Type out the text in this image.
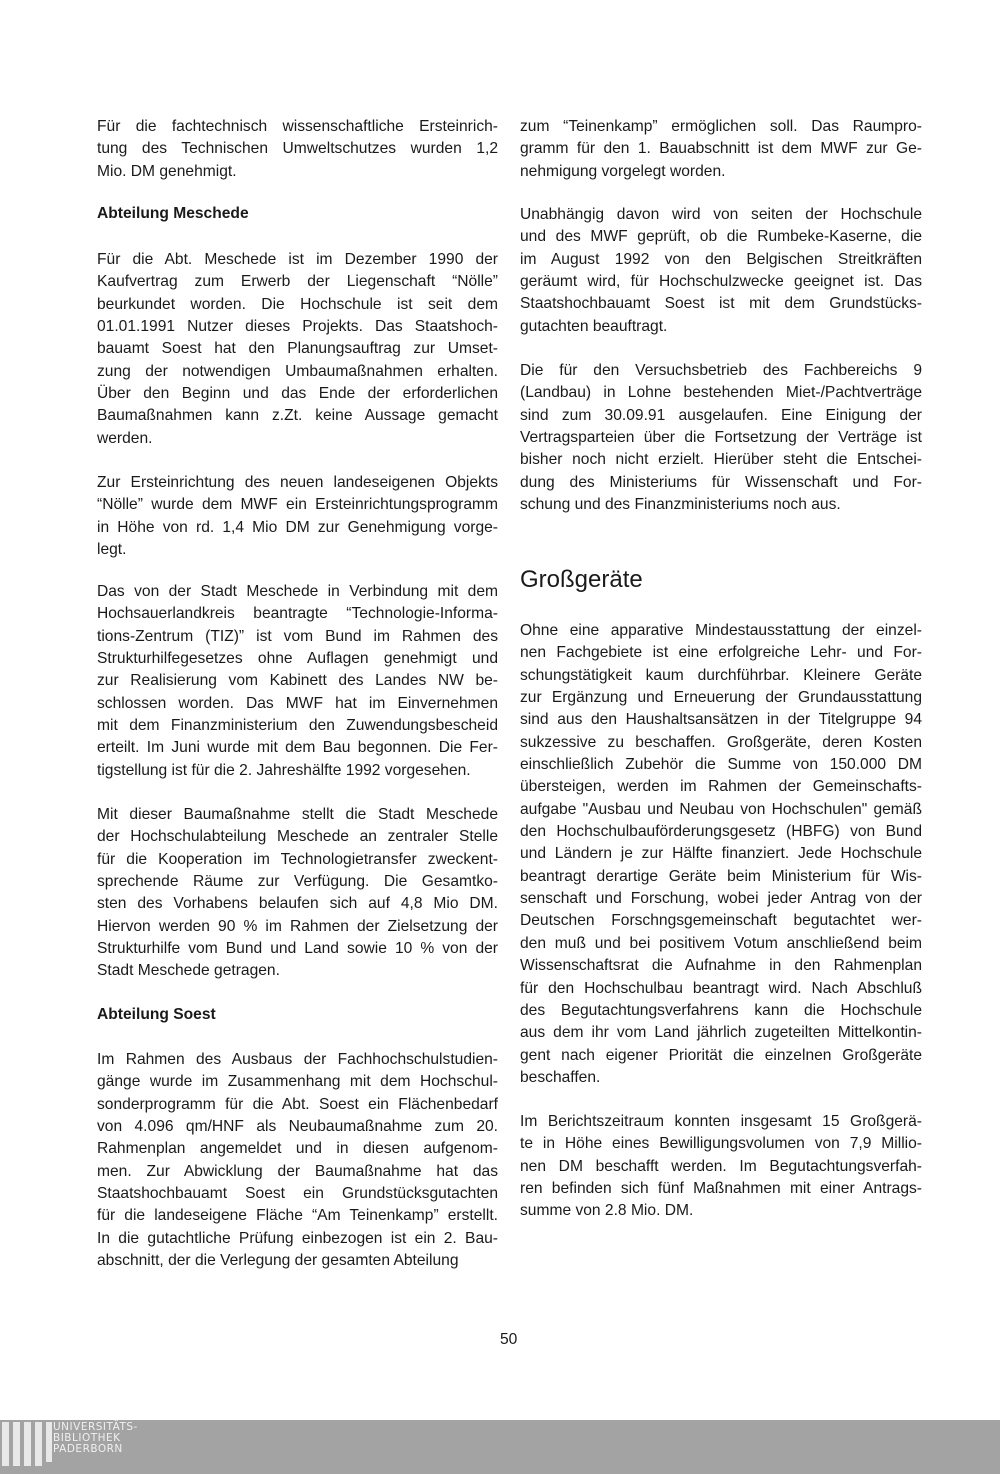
Für die fachtechnisch wissenschaftliche Ersteinrich-
tung des Technischen Umweltschutzes wurden 1,2
Mio. DM genehmigt.
Abteilung Meschede
Für die Abt. Meschede ist im Dezember 1990 der
Kaufvertrag zum Erwerb der Liegenschaft “Nölle”
beurkundet worden. Die Hochschule ist seit dem
01.01.1991 Nutzer dieses Projekts. Das Staatshoch-
bauamt Soest hat den Planungsauftrag zur Umset-
zung der notwendigen Umbaumaßnahmen erhalten.
Über den Beginn und das Ende der erforderlichen
Baumaßnahmen kann z.Zt. keine Aussage gemacht
werden.
Zur Ersteinrichtung des neuen landeseigenen Objekts
“Nölle” wurde dem MWF ein Ersteinrichtungsprogramm
in Höhe von rd. 1,4 Mio DM zur Genehmigung vorge-
legt.
Das von der Stadt Meschede in Verbindung mit dem
Hochsauerlandkreis beantragte “Technologie-Informa-
tions-Zentrum (TIZ)” ist vom Bund im Rahmen des
Strukturhilfegesetzes ohne Auflagen genehmigt und
zur Realisierung vom Kabinett des Landes NW be-
schlossen worden. Das MWF hat im Einvernehmen
mit dem Finanzministerium den Zuwendungsbescheid
erteilt. Im Juni wurde mit dem Bau begonnen. Die Fer-
tigstellung ist für die 2. Jahreshälfte 1992 vorgesehen.
Mit dieser Baumaßnahme stellt die Stadt Meschede
der Hochschulabteilung Meschede an zentraler Stelle
für die Kooperation im Technologietransfer zweckent-
sprechende Räume zur Verfügung. Die Gesamtko-
sten des Vorhabens belaufen sich auf 4,8 Mio DM.
Hiervon werden 90 % im Rahmen der Zielsetzung der
Strukturhilfe vom Bund und Land sowie 10 % von der
Stadt Meschede getragen.
Abteilung Soest
Im Rahmen des Ausbaus der Fachhochschulstudien-
gänge wurde im Zusammenhang mit dem Hochschul-
sonderprogramm für die Abt. Soest ein Flächenbedarf
von 4.096 qm/HNF als Neubaumaßnahme zum 20.
Rahmenplan angemeldet und in diesen aufgenom-
men. Zur Abwicklung der Baumaßnahme hat das
Staatshochbauamt Soest ein Grundstücksgutachten
für die landeseigene Fläche “Am Teinenkamp” erstellt.
In die gutachtliche Prüfung einbezogen ist ein 2. Bau-
abschnitt, der die Verlegung der gesamten Abteilung
zum “Teinenkamp” ermöglichen soll. Das Raumpro-
gramm für den 1. Bauabschnitt ist dem MWF zur Ge-
nehmigung vorgelegt worden.
Unabhängig davon wird von seiten der Hochschule
und des MWF geprüft, ob die Rumbeke-Kaserne, die
im August 1992 von den Belgischen Streitkräften
geräumt wird, für Hochschulzwecke geeignet ist. Das
Staatshochbauamt Soest ist mit dem Grundstücks-
gutachten beauftragt.
Die für den Versuchsbetrieb des Fachbereichs 9
(Landbau) in Lohne bestehenden Miet-/Pachtverträge
sind zum 30.09.91 ausgelaufen. Eine Einigung der
Vertragsparteien über die Fortsetzung der Verträge ist
bisher noch nicht erzielt. Hierüber steht die Entschei-
dung des Ministeriums für Wissenschaft und For-
schung und des Finanzministeriums noch aus.
Großgeräte
Ohne eine apparative Mindestausstattung der einzel-
nen Fachgebiete ist eine erfolgreiche Lehr- und For-
schungstätigkeit kaum durchführbar. Kleinere Geräte
zur Ergänzung und Erneuerung der Grundausstattung
sind aus den Haushaltsansätzen in der Titelgruppe 94
sukzessive zu beschaffen. Großgeräte, deren Kosten
einschließlich Zubehör die Summe von 150.000 DM
übersteigen, werden im Rahmen der Gemeinschafts-
aufgabe "Ausbau und Neubau von Hochschulen" gemäß
den Hochschulbauförderungsgesetz (HBFG) von Bund
und Ländern je zur Hälfte finanziert. Jede Hochschule
beantragt derartige Geräte beim Ministerium für Wis-
senschaft und Forschung, wobei jeder Antrag von der
Deutschen Forschngsgemeinschaft begutachtet wer-
den muß und bei positivem Votum anschließend beim
Wissenschaftsrat die Aufnahme in den Rahmenplan
für den Hochschulbau beantragt wird. Nach Abschluß
des Begutachtungsverfahrens kann die Hochschule
aus dem ihr vom Land jährlich zugeteilten Mittelkontin-
gent nach eigener Priorität die einzelnen Großgeräte
beschaffen.
Im Berichtszeitraum konnten insgesamt 15 Großgerä-
te in Höhe eines Bewilligungsvolumen von 7,9 Millio-
nen DM beschafft werden. Im Begutachtungsverfah-
ren befinden sich fünf Maßnahmen mit einer Antrags-
summe von 2.8 Mio. DM.
50
UNIVERSITÄTS-
BIBLIOTHEK
PADERBORN
